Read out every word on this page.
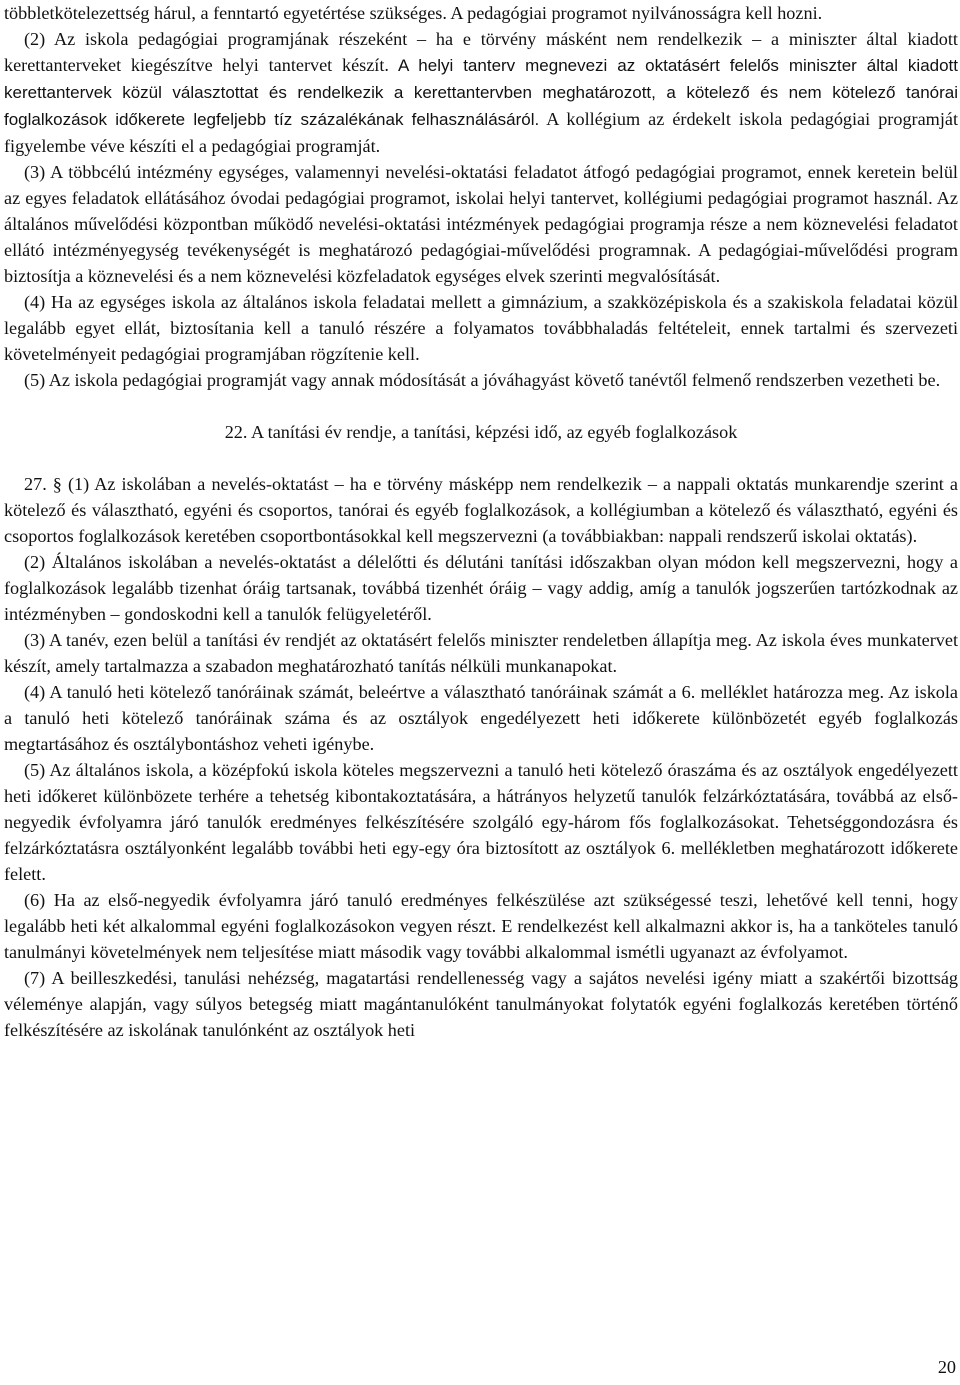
többletkötelezettség hárul, a fenntartó egyetértése szükséges. A pedagógiai programot nyilvánosságra kell hozni.

(2) Az iskola pedagógiai programjának részeként – ha e törvény másként nem rendelkezik – a miniszter által kiadott kerettanterveket kiegészítve helyi tantervet készít. A helyi tanterv megnevezi az oktatásért felelős miniszter által kiadott kerettantervek közül választottat és rendelkezik a kerettantervben meghatározott, a kötelező és nem kötelező tanórai foglalkozások időkerete legfeljebb tíz százalékának felhasználásáról. A kollégium az érdekelt iskola pedagógiai programját figyelembe véve készíti el a pedagógiai programját.

(3) A többcélú intézmény egységes, valamennyi nevelési-oktatási feladatot átfogó pedagógiai programot, ennek keretein belül az egyes feladatok ellátásához óvodai pedagógiai programot, iskolai helyi tantervet, kollégiumi pedagógiai programot használ. Az általános művelődési központban működő nevelési-oktatási intézmények pedagógiai programja része a nem köznevelési feladatot ellátó intézményegység tevékenységét is meghatározó pedagógiai-művelődési programnak. A pedagógiai-művelődési program biztosítja a köznevelési és a nem köznevelési közfeladatok egységes elvek szerinti megvalósítását.

(4) Ha az egységes iskola az általános iskola feladatai mellett a gimnázium, a szakközépiskola és a szakiskola feladatai közül legalább egyet ellát, biztosítania kell a tanuló részére a folyamatos továbbhaladás feltételeit, ennek tartalmi és szervezeti követelményeit pedagógiai programjában rögzítenie kell.

(5) Az iskola pedagógiai programját vagy annak módosítását a jóváhagyást követő tanévtől felmenő rendszerben vezetheti be.

22. A tanítási év rendje, a tanítási, képzési idő, az egyéb foglalkozások

27. § (1) Az iskolában a nevelés-oktatást – ha e törvény másképp nem rendelkezik – a nappali oktatás munkarendje szerint a kötelező és választható, egyéni és csoportos, tanórai és egyéb foglalkozások, a kollégiumban a kötelező és választható, egyéni és csoportos foglalkozások keretében csoportbontásokkal kell megszervezni (a továbbiakban: nappali rendszerű iskolai oktatás).

(2) Általános iskolában a nevelés-oktatást a délelőtti és délutáni tanítási időszakban olyan módon kell megszervezni, hogy a foglalkozások legalább tizenhat óráig tartsanak, továbbá tizenhét óráig – vagy addig, amíg a tanulók jogszerűen tartózkodnak az intézményben – gondoskodni kell a tanulók felügyeletéről.

(3) A tanév, ezen belül a tanítási év rendjét az oktatásért felelős miniszter rendeletben állapítja meg. Az iskola éves munkatervet készít, amely tartalmazza a szabadon meghatározható tanítás nélküli munkanapokat.

(4) A tanuló heti kötelező tanóráinak számát, beleértve a választható tanóráinak számát a 6. melléklet határozza meg. Az iskola a tanuló heti kötelező tanóráinak száma és az osztályok engedélyezett heti időkerete különbözetét egyéb foglalkozás megtartásához és osztálybontáshoz veheti igénybe.

(5) Az általános iskola, a középfokú iskola köteles megszervezni a tanuló heti kötelező óraszáma és az osztályok engedélyezett heti időkeret különbözete terhére a tehetség kibontakoztatására, a hátrányos helyzetű tanulók felzárkóztatására, továbbá az első-negyedik évfolyamra járó tanulók eredményes felkészítésére szolgáló egy-három fős foglalkozásokat. Tehetséggondozásra és felzárkóztatásra osztályonként legalább további heti egy-egy óra biztosított az osztályok 6. mellékletben meghatározott időkerete felett.

(6) Ha az első-negyedik évfolyamra járó tanuló eredményes felkészülése azt szükségessé teszi, lehetővé kell tenni, hogy legalább heti két alkalommal egyéni foglalkozásokon vegyen részt. E rendelkezést kell alkalmazni akkor is, ha a tanköteles tanuló tanulmányi követelmények nem teljesítése miatt második vagy további alkalommal ismétli ugyanazt az évfolyamot.

(7) A beilleszkedési, tanulási nehézség, magatartási rendellenesség vagy a sajátos nevelési igény miatt a szakértői bizottság véleménye alapján, vagy súlyos betegség miatt magántanulóként tanulmányokat folytatók egyéni foglalkozás keretében történő felkészítésére az iskolának tanulónként az osztályok heti

20
